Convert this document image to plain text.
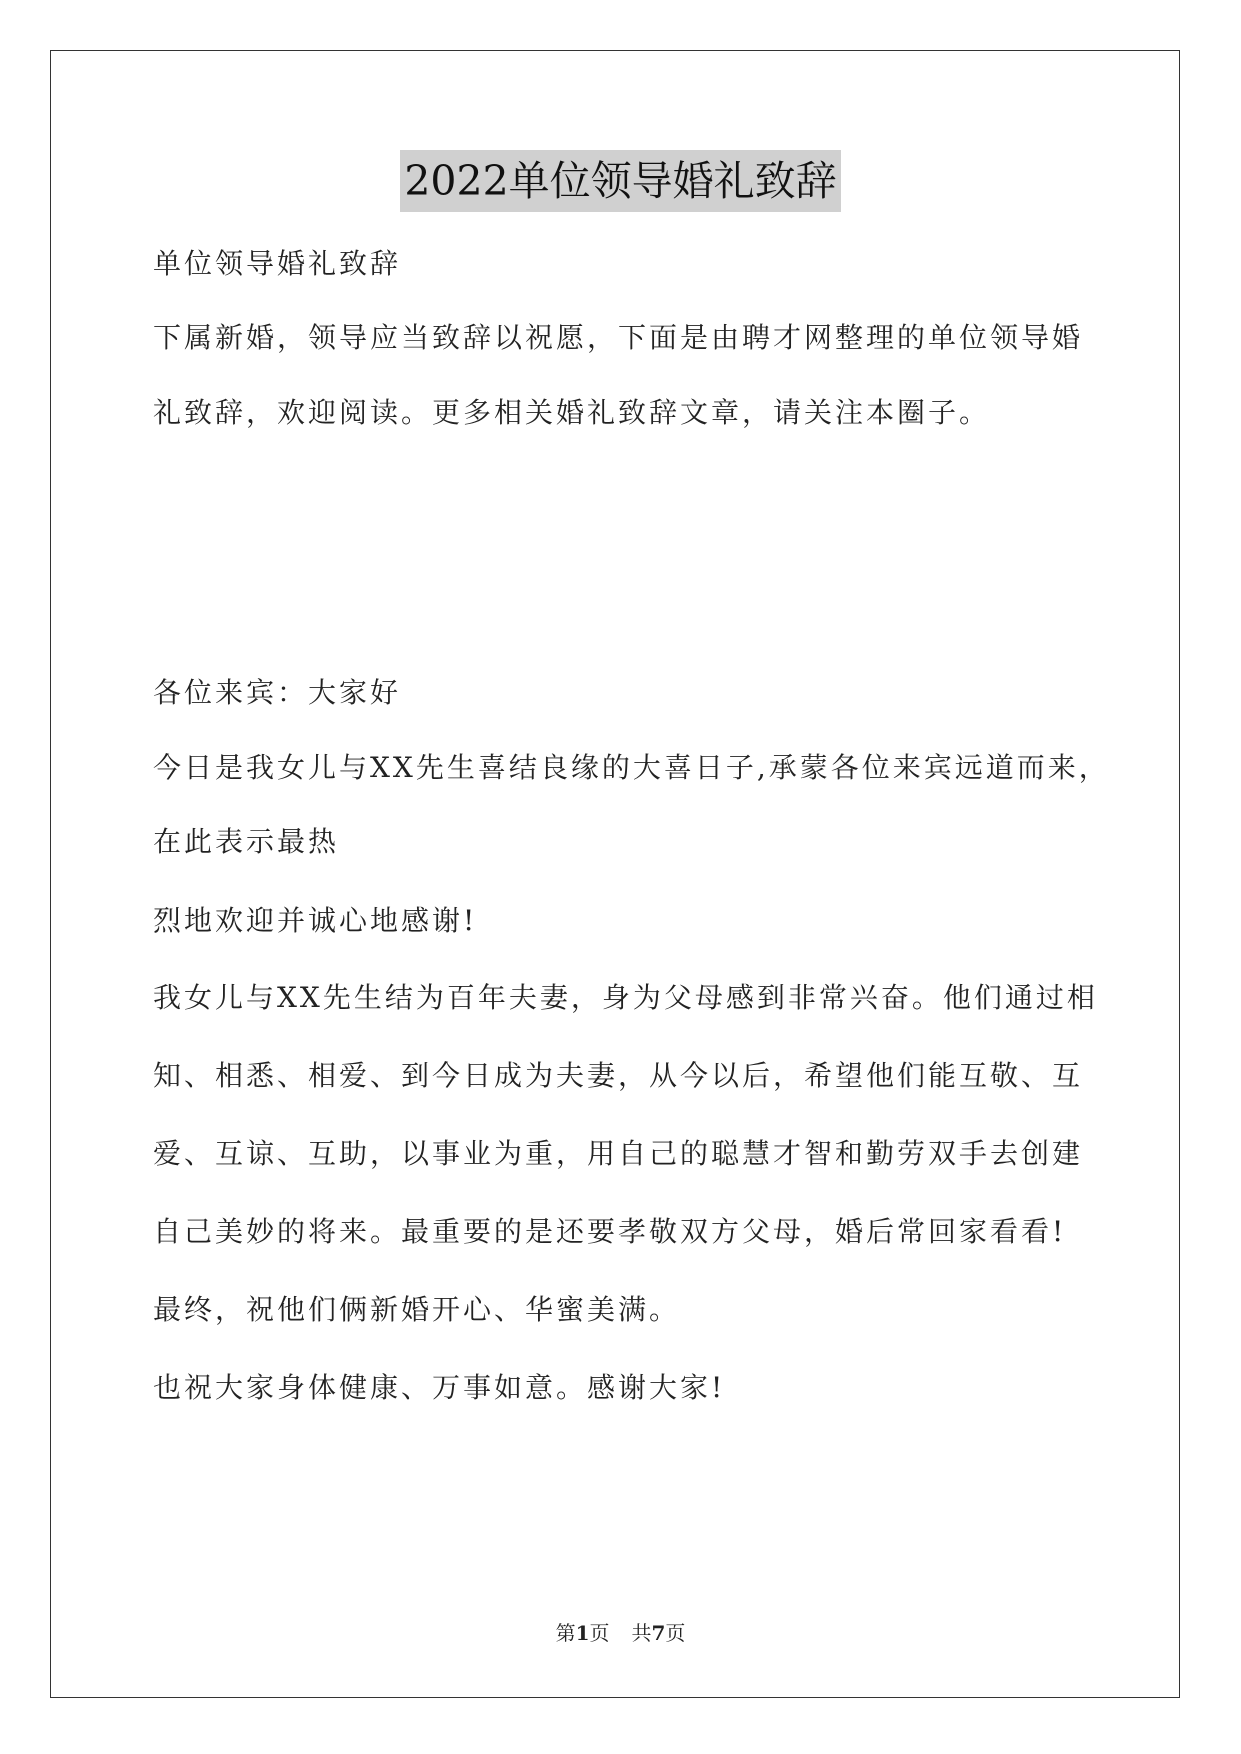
2022单位领导婚礼致辞
单位领导婚礼致辞
下属新婚，领导应当致辞以祝愿，下面是由聘才网整理的单位领导婚
礼致辞，欢迎阅读。更多相关婚礼致辞文章，请关注本圈子。
各位来宾：大家好
今日是我女儿与XX先生喜结良缘的大喜日子,承蒙各位来宾远道而来，
在此表示最热
烈地欢迎并诚心地感谢!
我女儿与XX先生结为百年夫妻，身为父母感到非常兴奋。他们通过相
知、相悉、相爱、到今日成为夫妻，从今以后，希望他们能互敬、互
爱、互谅、互助，以事业为重，用自己的聪慧才智和勤劳双手去创建
自己美妙的将来。最重要的是还要孝敬双方父母，婚后常回家看看!
最终，祝他们俩新婚开心、华蜜美满。
也祝大家身体健康、万事如意。感谢大家!
第1页 共7页
